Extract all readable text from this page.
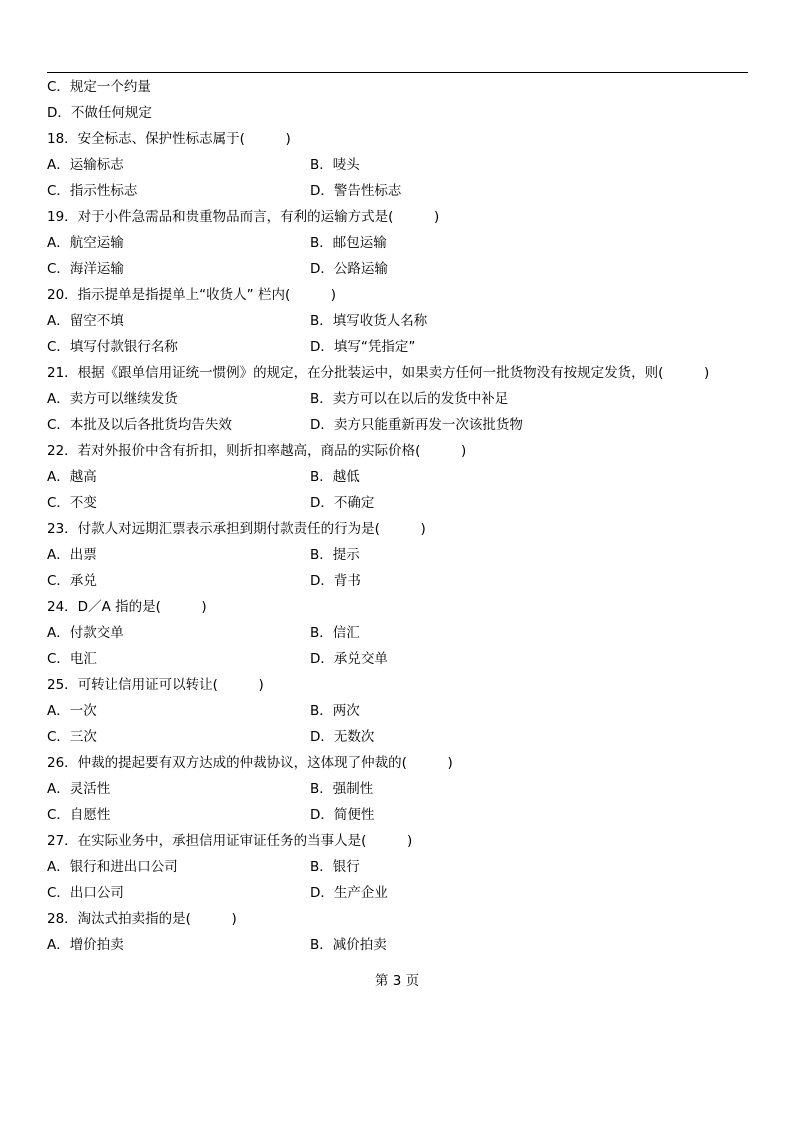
C．规定一个约量
D．不做任何规定
18．安全标志、保护性标志属于(　　　)
A．运输标志	B．唛头
C．指示性标志	D．警告性标志
19．对于小件急需品和贵重物品而言，有利的运输方式是(　　　)
A．航空运输	B．邮包运输
C．海洋运输	D．公路运输
20．指示提单是指提单上“收货人” 栏内(　　　)
A．留空不填	B．填写收货人名称
C．填写付款银行名称	D．填写“凭指定”
21．根据《跟单信用证统一惯例》的规定，在分批装运中，如果卖方任何一批货物没有按规定发货，则(　　　)
A．卖方可以继续发货	B．卖方可以在以后的发货中补足
C．本批及以后各批货均告失效	D．卖方只能重新再发一次该批货物
22．若对外报价中含有折扣，则折扣率越高，商品的实际价格(　　　)
A．越高	B．越低
C．不变	D．不确定
23．付款人对远期汇票表示承担到期付款责任的行为是(　　　)
A．出票	B．提示
C．承兑	D．背书
24．D／A 指的是(　　　)
A．付款交单	B．信汇
C．电汇	D．承兑交单
25．可转让信用证可以转让(　　　)
A．一次	B．两次
C．三次	D．无数次
26．仲裁的提起要有双方达成的仲裁协议，这体现了仲裁的(　　　)
A．灵活性	B．强制性
C．自愿性	D．简便性
27．在实际业务中，承担信用证审证任务的当事人是(　　　)
A．银行和进出口公司	B．银行
C．出口公司	D．生产企业
28．淘汰式拍卖指的是(　　　)
A．增价拍卖	B．减价拍卖
第 3 页
